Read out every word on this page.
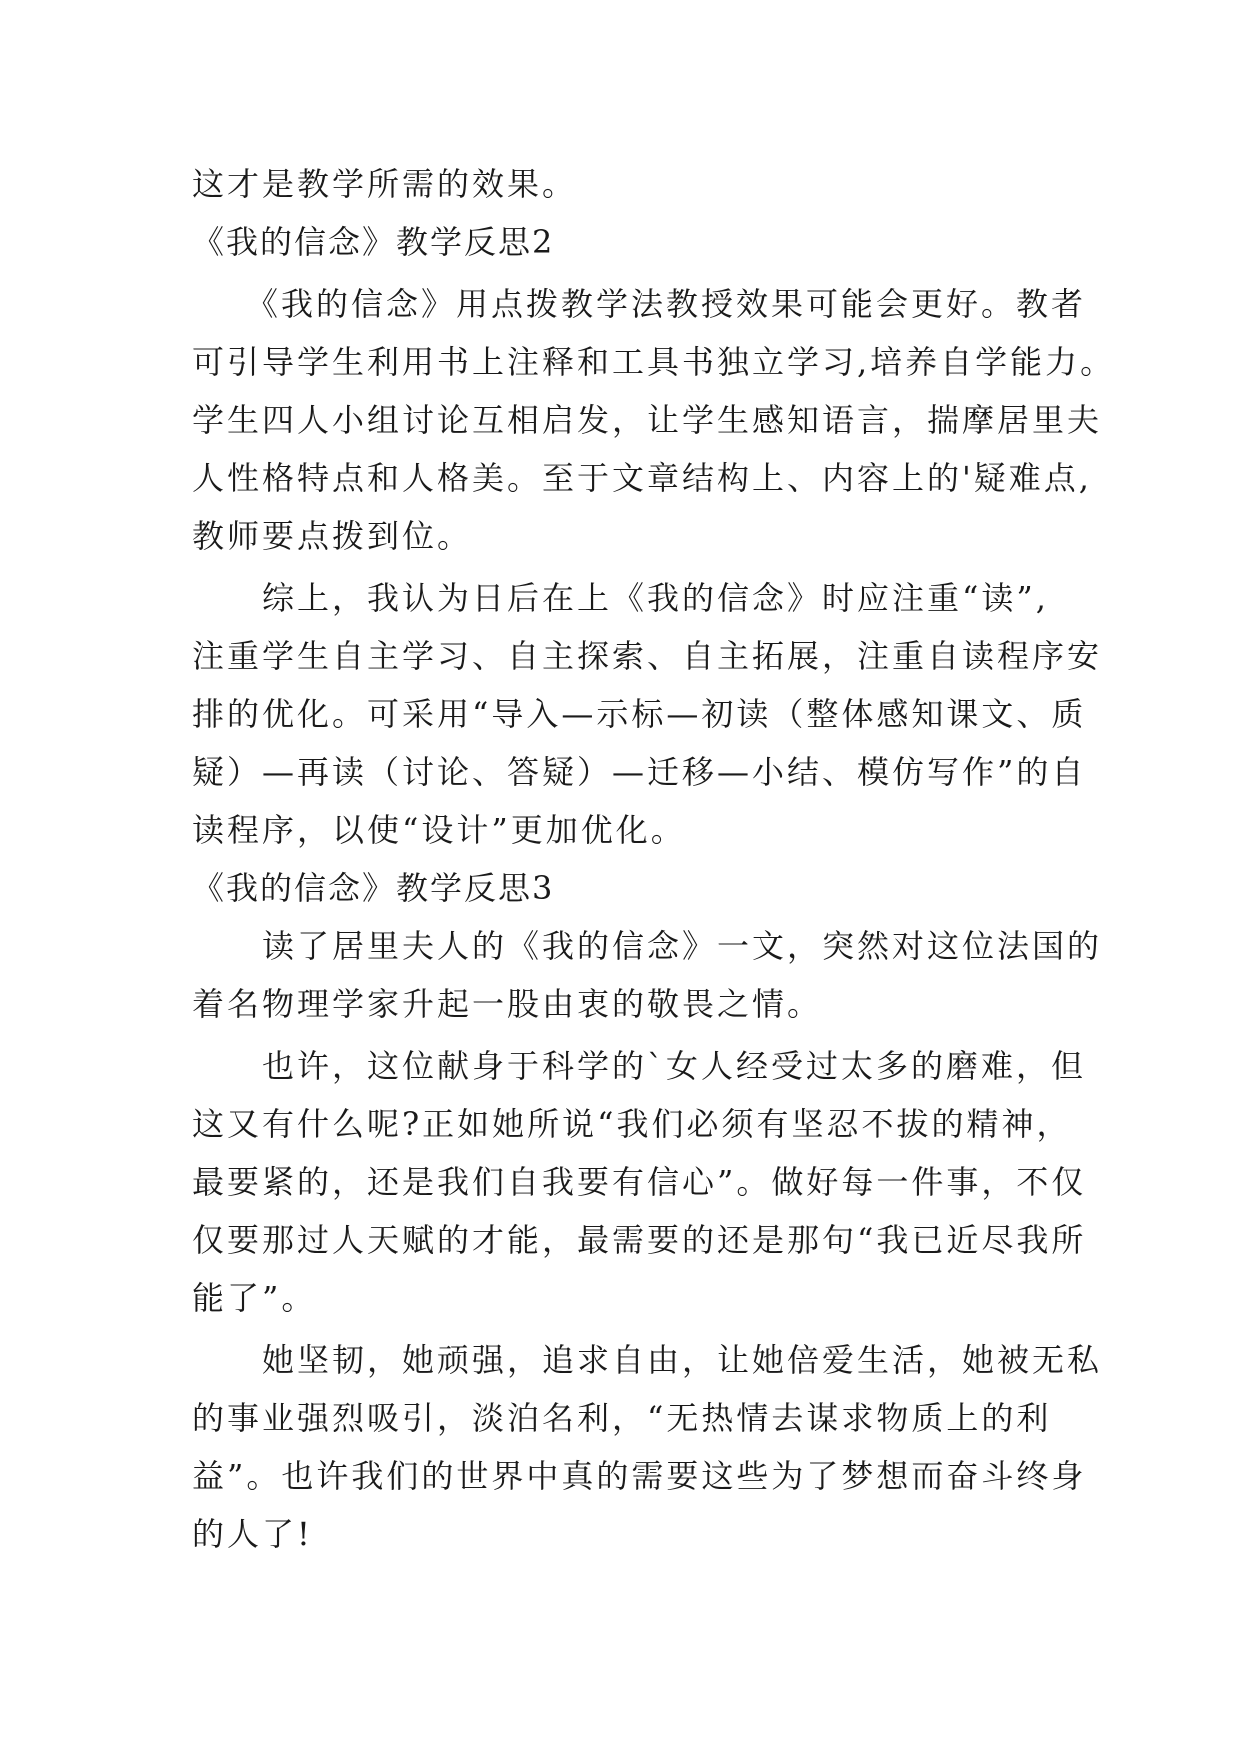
这才是教学所需的效果。
《我的信念》教学反思2
　　《我的信念》用点拨教学法教授效果可能会更好。教者
可引导学生利用书上注释和工具书独立学习,培养自学能力。
学生四人小组讨论互相启发，让学生感知语言，揣摩居里夫
人性格特点和人格美。至于文章结构上、内容上的'疑难点,
教师要点拨到位。
　　综上，我认为日后在上《我的信念》时应注重“读”,
注重学生自主学习、自主探索、自主拓展，注重自读程序安
排的优化。可采用“导入—示标—初读（整体感知课文、质
疑）—再读（讨论、答疑）—迁移—小结、模仿写作”的自
读程序，以使“设计”更加优化。
《我的信念》教学反思3
　　读了居里夫人的《我的信念》一文，突然对这位法国的
着名物理学家升起一股由衷的敬畏之情。
　　也许，这位献身于科学的`女人经受过太多的磨难，但
这又有什么呢?正如她所说“我们必须有坚忍不拔的精神，
最要紧的，还是我们自我要有信心”。做好每一件事，不仅
仅要那过人天赋的才能，最需要的还是那句“我已近尽我所
能了”。
　　她坚韧，她顽强，追求自由，让她倍爱生活，她被无私
的事业强烈吸引，淡泊名利，“无热情去谋求物质上的利
益”。也许我们的世界中真的需要这些为了梦想而奋斗终身
的人了!
